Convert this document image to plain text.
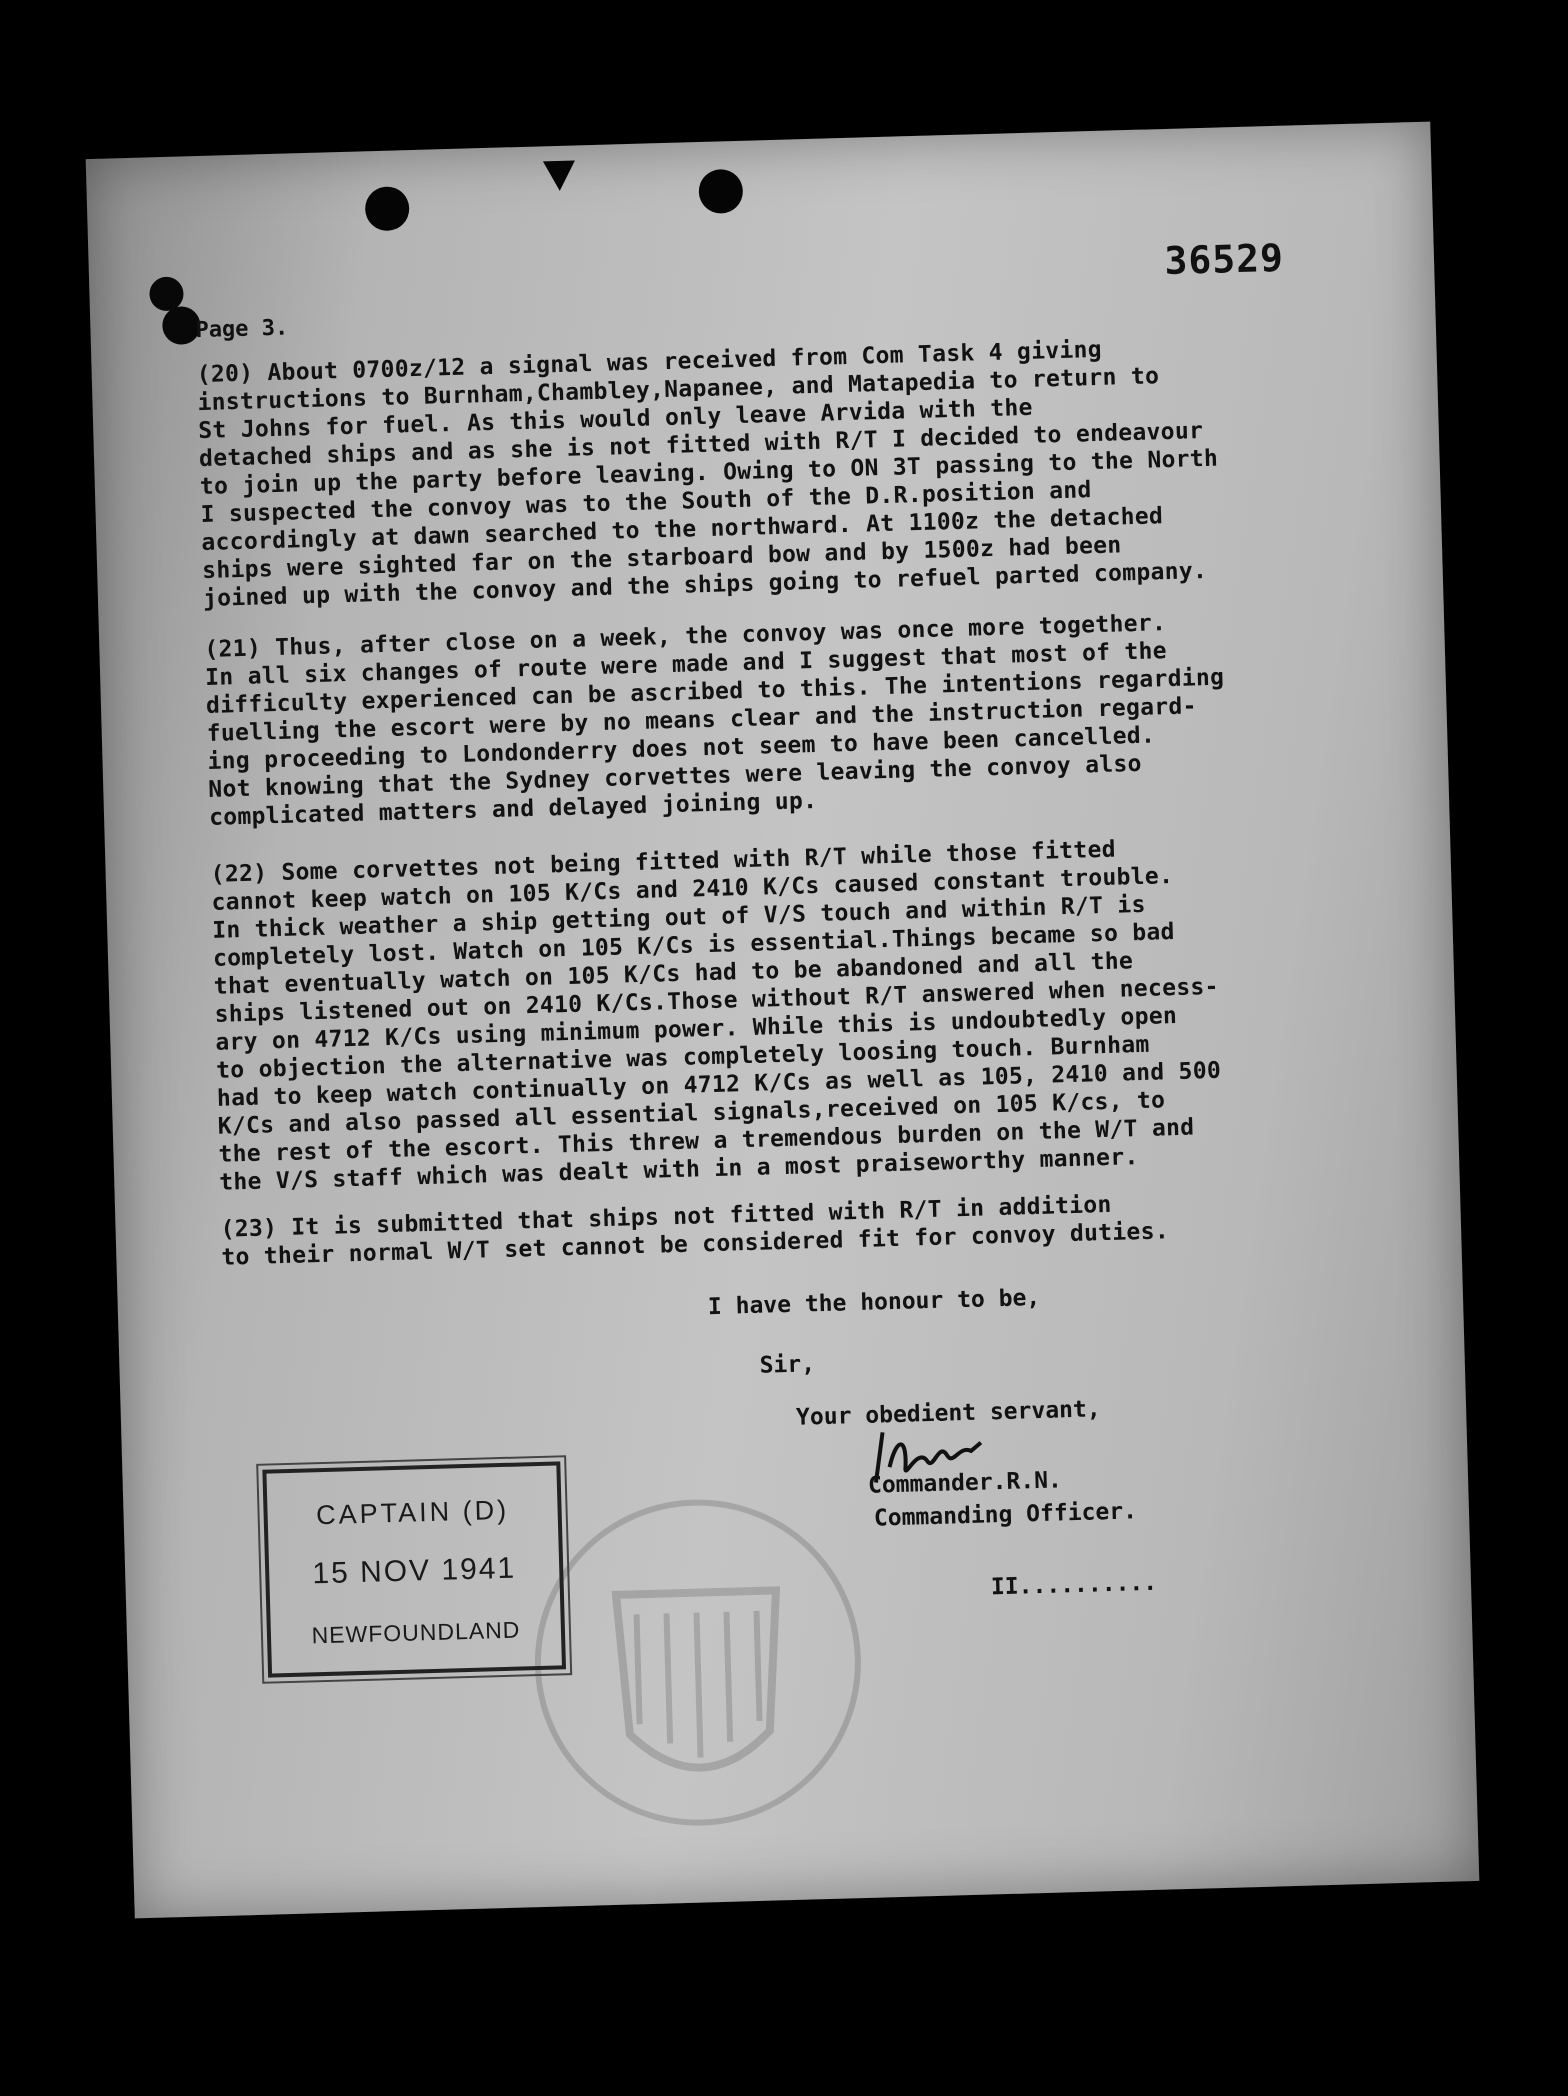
36529
Page 3.

(20) About 0700z/12 a signal was received from Com Task 4 giving
instructions to Burnham,Chambley,Napanee, and Matapedia to return to
St Johns for fuel. As this would only leave Arvida with the
detached ships and as she is not fitted with R/T I decided to endeavour
to join up the party before leaving. Owing to ON 3T passing to the North
I suspected the convoy was to the South of the D.R.position and
accordingly at dawn searched to the northward. At 1100z the detached
ships were sighted far on the starboard bow and by 1500z had been
joined up with the convoy and the ships going to refuel parted company.

(21) Thus, after close on a week, the convoy was once more together.
In all six changes of route were made and I suggest that most of the
difficulty experienced can be ascribed to this. The intentions regarding
fuelling the escort were by no means clear and the instruction regard-
ing proceeding to Londonderry does not seem to have been cancelled.
Not knowing that the Sydney corvettes were leaving the convoy also
complicated matters and delayed joining up.

(22) Some corvettes not being fitted with R/T while those fitted
cannot keep watch on 105 K/Cs and 2410 K/Cs caused constant trouble.
In thick weather a ship getting out of V/S touch and within R/T is
completely lost. Watch on 105 K/Cs is essential.Things became so bad
that eventually watch on 105 K/Cs had to be abandoned and all the
ships listened out on 2410 K/Cs.Those without R/T answered when necess-
ary on 4712 K/Cs using minimum power. While this is undoubtedly open
to objection the alternative was completely loosing touch. Burnham
had to keep watch continually on 4712 K/Cs as well as 105, 2410 and 500
K/Cs and also passed all essential signals,received on 105 K/cs, to
the rest of the escort. This threw a tremendous burden on the W/T and
the V/S staff which was dealt with in a most praiseworthy manner.

(23) It is submitted that ships not fitted with R/T in addition
to their normal W/T set cannot be considered fit for convoy duties.

I have the honour to be,
Sir,
Your obedient servant,
Commander.R.N.
Commanding Officer.
II..........
CAPTAIN (D)
15 NOV 1941
NEWFOUNDLAND
